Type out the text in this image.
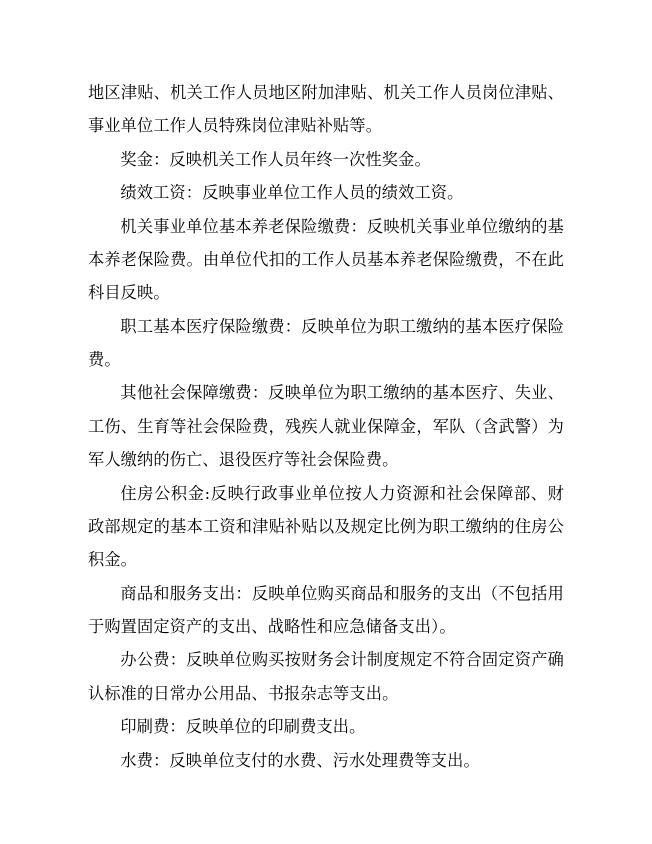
地区津贴、机关工作人员地区附加津贴、机关工作人员岗位津贴、事业单位工作人员特殊岗位津贴补贴等。

奖金：反映机关工作人员年终一次性奖金。

绩效工资：反映事业单位工作人员的绩效工资。

机关事业单位基本养老保险缴费：反映机关事业单位缴纳的基本养老保险费。由单位代扣的工作人员基本养老保险缴费，不在此科目反映。

职工基本医疗保险缴费：反映单位为职工缴纳的基本医疗保险费。

其他社会保障缴费：反映单位为职工缴纳的基本医疗、失业、工伤、生育等社会保险费，残疾人就业保障金，军队（含武警）为军人缴纳的伤亡、退役医疗等社会保险费。

住房公积金:反映行政事业单位按人力资源和社会保障部、财政部规定的基本工资和津贴补贴以及规定比例为职工缴纳的住房公积金。

商品和服务支出：反映单位购买商品和服务的支出（不包括用于购置固定资产的支出、战略性和应急储备支出）。

办公费：反映单位购买按财务会计制度规定不符合固定资产确认标准的日常办公用品、书报杂志等支出。

印刷费：反映单位的印刷费支出。

水费：反映单位支付的水费、污水处理费等支出。
